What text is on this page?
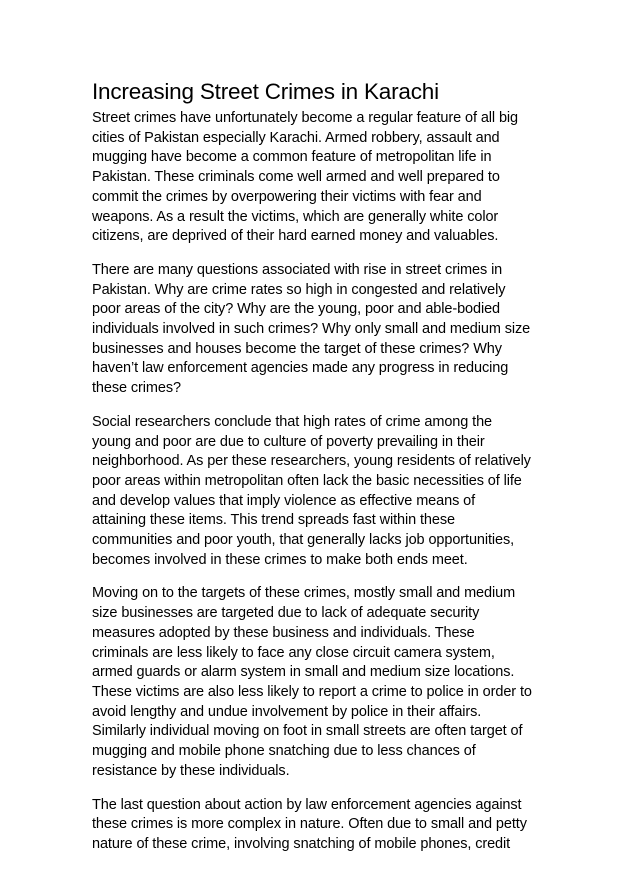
Increasing Street Crimes in Karachi
Street crimes have unfortunately become a regular feature of all big
cities of Pakistan especially Karachi. Armed robbery, assault and
mugging have become a common feature of metropolitan life in
Pakistan. These criminals come well armed and well prepared to
commit the crimes by overpowering their victims with fear and
weapons. As a result the victims, which are generally white color
citizens, are deprived of their hard earned money and valuables.
There are many questions associated with rise in street crimes in
Pakistan. Why are crime rates so high in congested and relatively
poor areas of the city? Why are the young, poor and able-bodied
individuals involved in such crimes? Why only small and medium size
businesses and houses become the target of these crimes? Why
haven’t law enforcement agencies made any progress in reducing
these crimes?
Social researchers conclude that high rates of crime among the
young and poor are due to culture of poverty prevailing in their
neighborhood. As per these researchers, young residents of relatively
poor areas within metropolitan often lack the basic necessities of life
and develop values that imply violence as effective means of
attaining these items. This trend spreads fast within these
communities and poor youth, that generally lacks job opportunities,
becomes involved in these crimes to make both ends meet.
Moving on to the targets of these crimes, mostly small and medium
size businesses are targeted due to lack of adequate security
measures adopted by these business and individuals. These
criminals are less likely to face any close circuit camera system,
armed guards or alarm system in small and medium size locations.
These victims are also less likely to report a crime to police in order to
avoid lengthy and undue involvement by police in their affairs.
Similarly individual moving on foot in small streets are often target of
mugging and mobile phone snatching due to less chances of
resistance by these individuals.
The last question about action by law enforcement agencies against
these crimes is more complex in nature. Often due to small and petty
nature of these crime, involving snatching of mobile phones, credit
